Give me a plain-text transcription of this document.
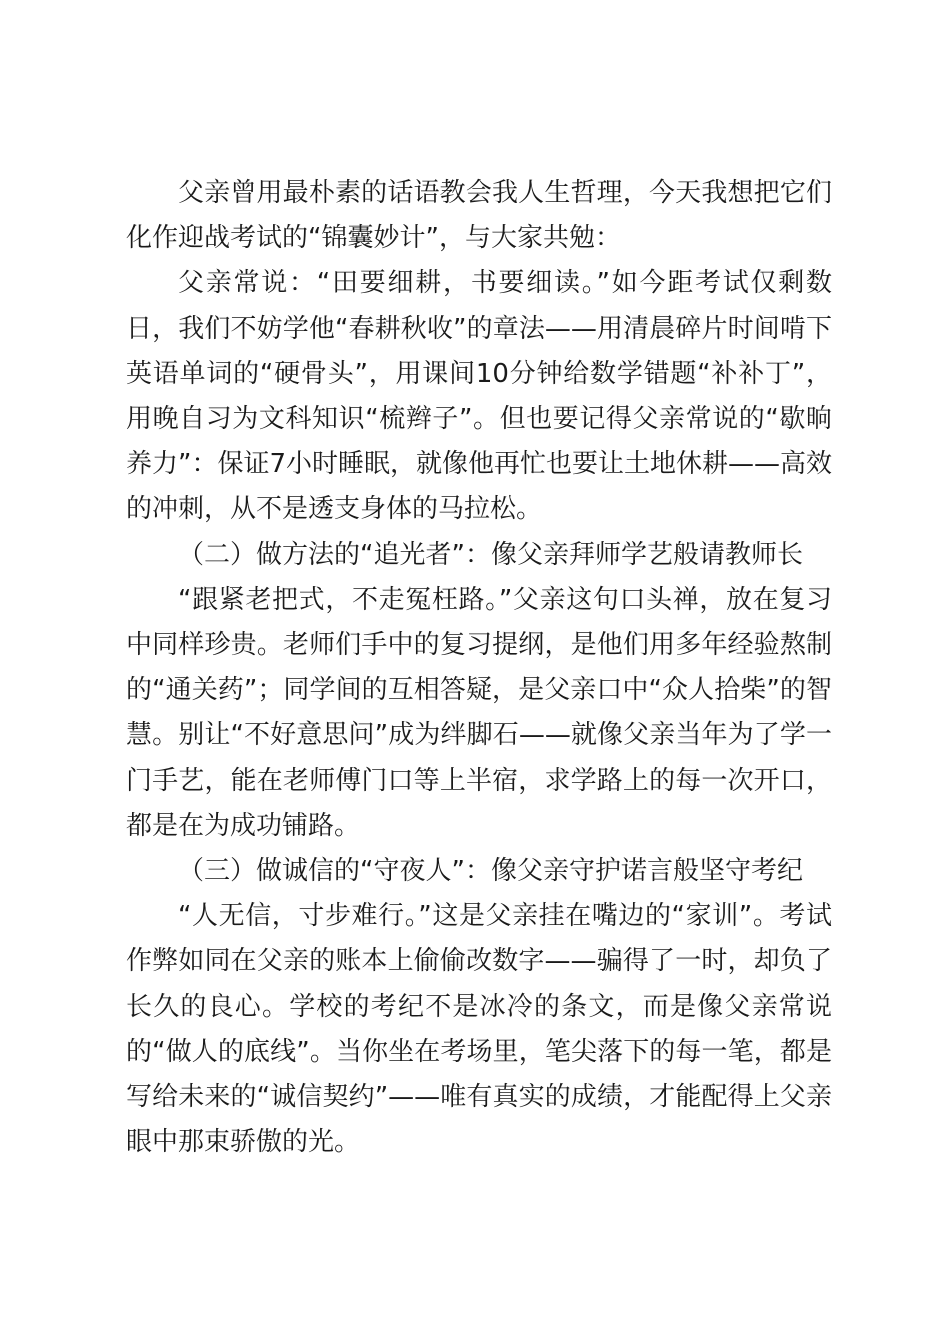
父亲曾用最朴素的话语教会我人生哲理，今天我想把它们化作迎战考试的“锦囊妙计”，与大家共勉：

父亲常说：“田要细耕，书要细读。”如今距考试仅剩数日，我们不妨学他“春耕秋收”的章法——用清晨碎片时间啃下英语单词的“硬骨头”，用课间10分钟给数学错题“补补丁”，用晚自习为文科知识“梳辫子”。但也要记得父亲常说的“歇晌养力”：保证7小时睡眠，就像他再忙也要让土地休耕——高效的冲刺，从不是透支身体的马拉松。

（二）做方法的“追光者”：像父亲拜师学艺般请教师长

“跟紧老把式，不走冤枉路。”父亲这句口头禅，放在复习中同样珍贵。老师们手中的复习提纲，是他们用多年经验熬制的“通关药”；同学间的互相答疑，是父亲口中“众人拾柴”的智慧。别让“不好意思问”成为绊脚石——就像父亲当年为了学一门手艺，能在老师傅门口等上半宿，求学路上的每一次开口，都是在为成功铺路。

（三）做诚信的“守夜人”：像父亲守护诺言般坚守考纪

“人无信，寸步难行。”这是父亲挂在嘴边的“家训”。考试作弊如同在父亲的账本上偷偷改数字——骗得了一时，却负了长久的良心。学校的考纪不是冰冷的条文，而是像父亲常说的“做人的底线”。当你坐在考场里，笔尖落下的每一笔，都是写给未来的“诚信契约”——唯有真实的成绩，才能配得上父亲眼中那束骄傲的光。
